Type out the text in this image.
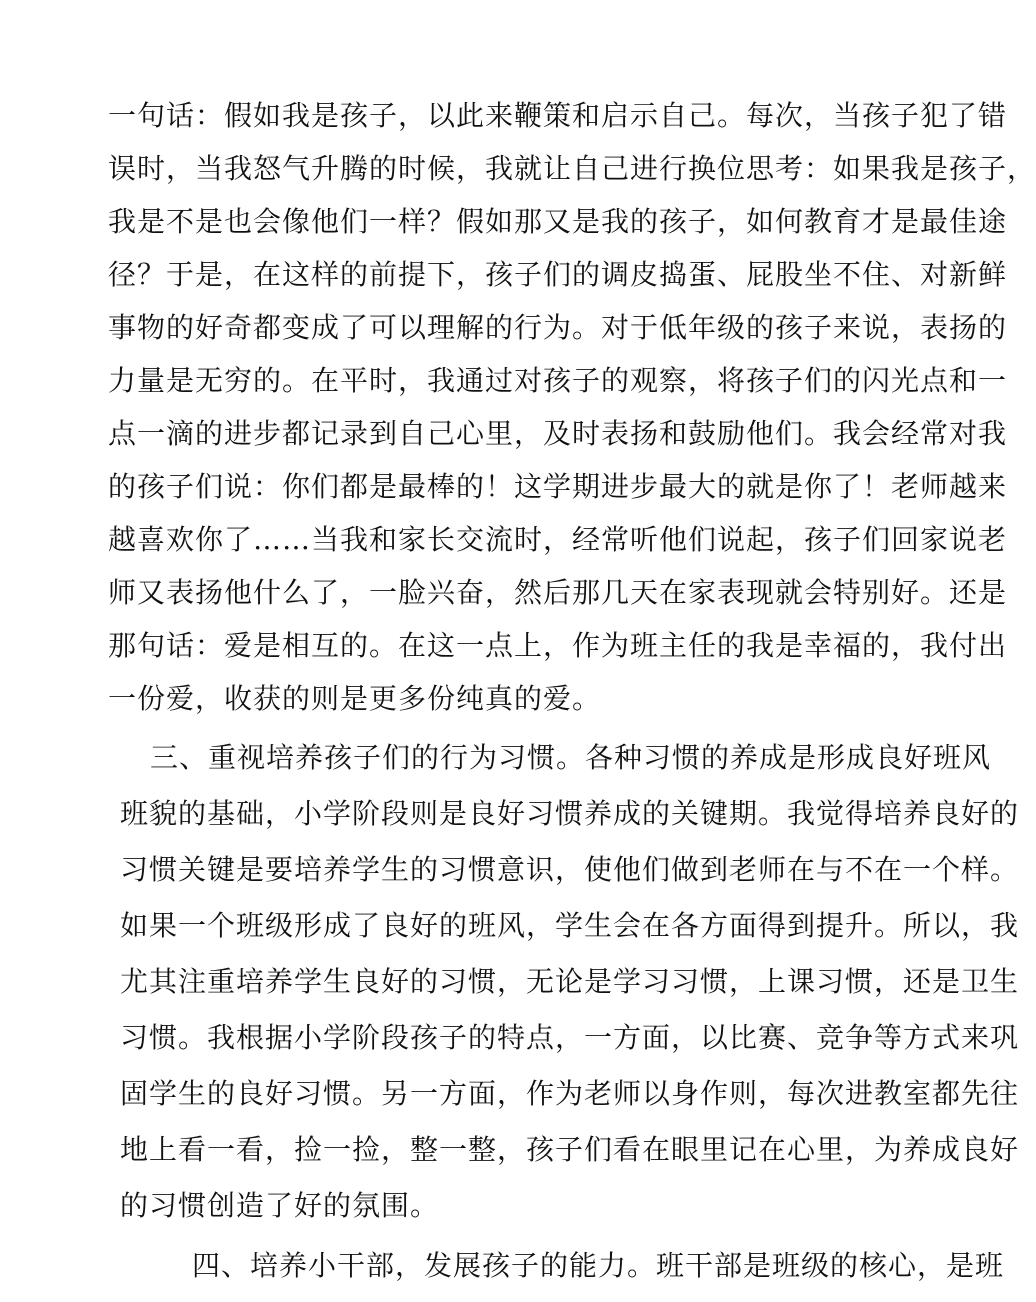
一句话：假如我是孩子，以此来鞭策和启示自己。每次，当孩子犯了错
误时，当我怒气升腾的时候，我就让自己进行换位思考：如果我是孩子，
我是不是也会像他们一样？假如那又是我的孩子，如何教育才是最佳途
径？于是，在这样的前提下，孩子们的调皮捣蛋、屁股坐不住、对新鲜
事物的好奇都变成了可以理解的行为。对于低年级的孩子来说，表扬的
力量是无穷的。在平时，我通过对孩子的观察，将孩子们的闪光点和一
点一滴的进步都记录到自己心里，及时表扬和鼓励他们。我会经常对我
的孩子们说：你们都是最棒的！这学期进步最大的就是你了！老师越来
越喜欢你了……当我和家长交流时，经常听他们说起，孩子们回家说老
师又表扬他什么了，一脸兴奋，然后那几天在家表现就会特别好。还是
那句话：爱是相互的。在这一点上，作为班主任的我是幸福的，我付出
一份爱，收获的则是更多份纯真的爱。
三、重视培养孩子们的行为习惯。各种习惯的养成是形成良好班风
班貌的基础，小学阶段则是良好习惯养成的关键期。我觉得培养良好的
习惯关键是要培养学生的习惯意识，使他们做到老师在与不在一个样。
如果一个班级形成了良好的班风，学生会在各方面得到提升。所以，我
尤其注重培养学生良好的习惯，无论是学习习惯，上课习惯，还是卫生
习惯。我根据小学阶段孩子的特点，一方面，以比赛、竞争等方式来巩
固学生的良好习惯。另一方面，作为老师以身作则，每次进教室都先往
地上看一看，捡一捡，整一整，孩子们看在眼里记在心里，为养成良好
的习惯创造了好的氛围。
四、培养小干部，发展孩子的能力。班干部是班级的核心，是班
